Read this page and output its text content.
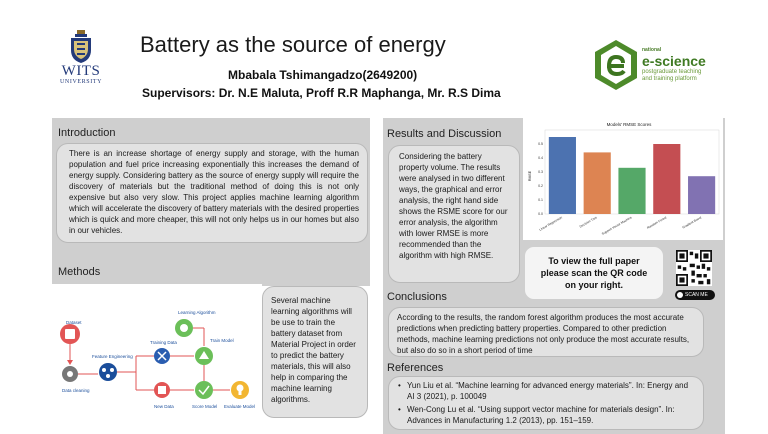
WITS
UNIVERSITY
Battery as the source of energy
Mbabala Tshimangadzo(2649200)
Supervisors: Dr. N.E Maluta, Proff R.R Maphanga, Mr. R.S Dima
national
e-science
postgraduate teaching
and training platform
Introduction
There is an increase shortage of energy supply and storage, with the human population and fuel price increasing exponentially this increases the demand of energy supply. Considering battery as the source of energy supply will require the discovery of materials but the traditional method of doing this is not only expensive but also very slow. This project applies machine learning algorithm which will accelerate the discovery of battery materials with the desired properties which is quick and more cheaper, this will not only helps us in our homes but also in our vehicles.
Methods
Several machine learning algorithms will be use to train the battery dataset from Material Project in order to predict the battery materials, this will also help in comparing the machine learning algorithms.
Dataset
Data cleaning
Feature Engineering
Training Data
New Data
Learning Algorithm
Train Model
Score Model Evaluate Model
Results and Discussion
Considering the battery property volume. The results were analysed in two different ways, the graphical and error analysis, the right hand side shows the RSME score for our error analysis, the algorithm with lower RMSE is more recommended than the algorithm with high RMSE.
Models' RMSE Scores
RMSE
0.0
0.1
0.2
0.3
0.4
0.5
Linear Regression	Decision Tree Support Vector Machine	Random Forest	Gradient Boost
To view the full paper
please scan the QR code
on your right.
SCAN ME
Conclusions
According to the results, the random forest algorithm produces the most accurate predictions when predicting battery properties. Compared to other prediction methods, machine learning predictions not only produce the most accurate results, but also do so in a short period of time
References
• Yun Liu et al. “Machine learning for advanced energy materials”. In: Energy and AI 3 (2021), p. 100049
• Wen-Cong Lu et al. “Using support vector machine for materials design”. In: Advances in Manufacturing 1.2 (2013), pp. 151–159.
